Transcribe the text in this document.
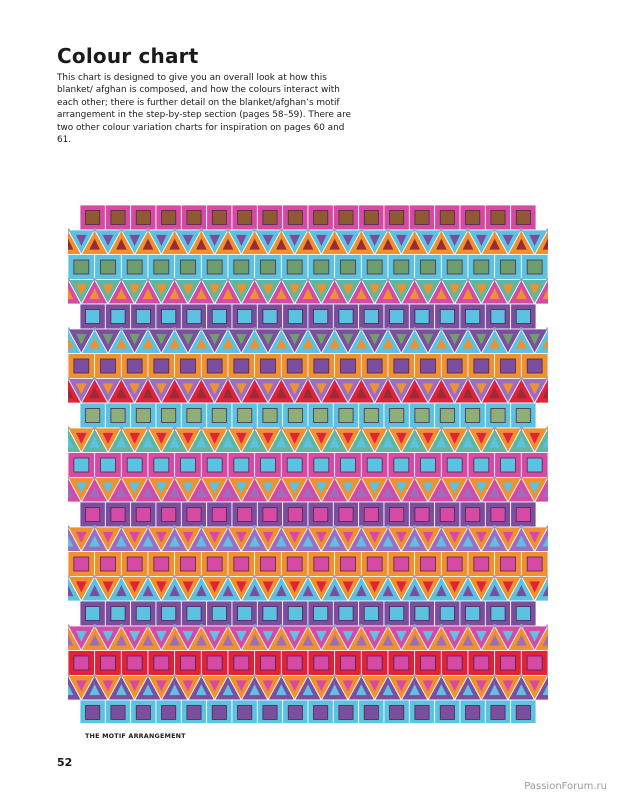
Colour chart

This chart is designed to give you an overall look at how this blanket/ afghan is composed, and how the colours interact with each other; there is further detail on the blanket/afghan’s motif arrangement in the step-by-step section (pages 58–59). There are two other colour variation charts for inspiration on pages 60 and 61.

THE MOTIF ARRANGEMENT

52

PassionForum.ru
